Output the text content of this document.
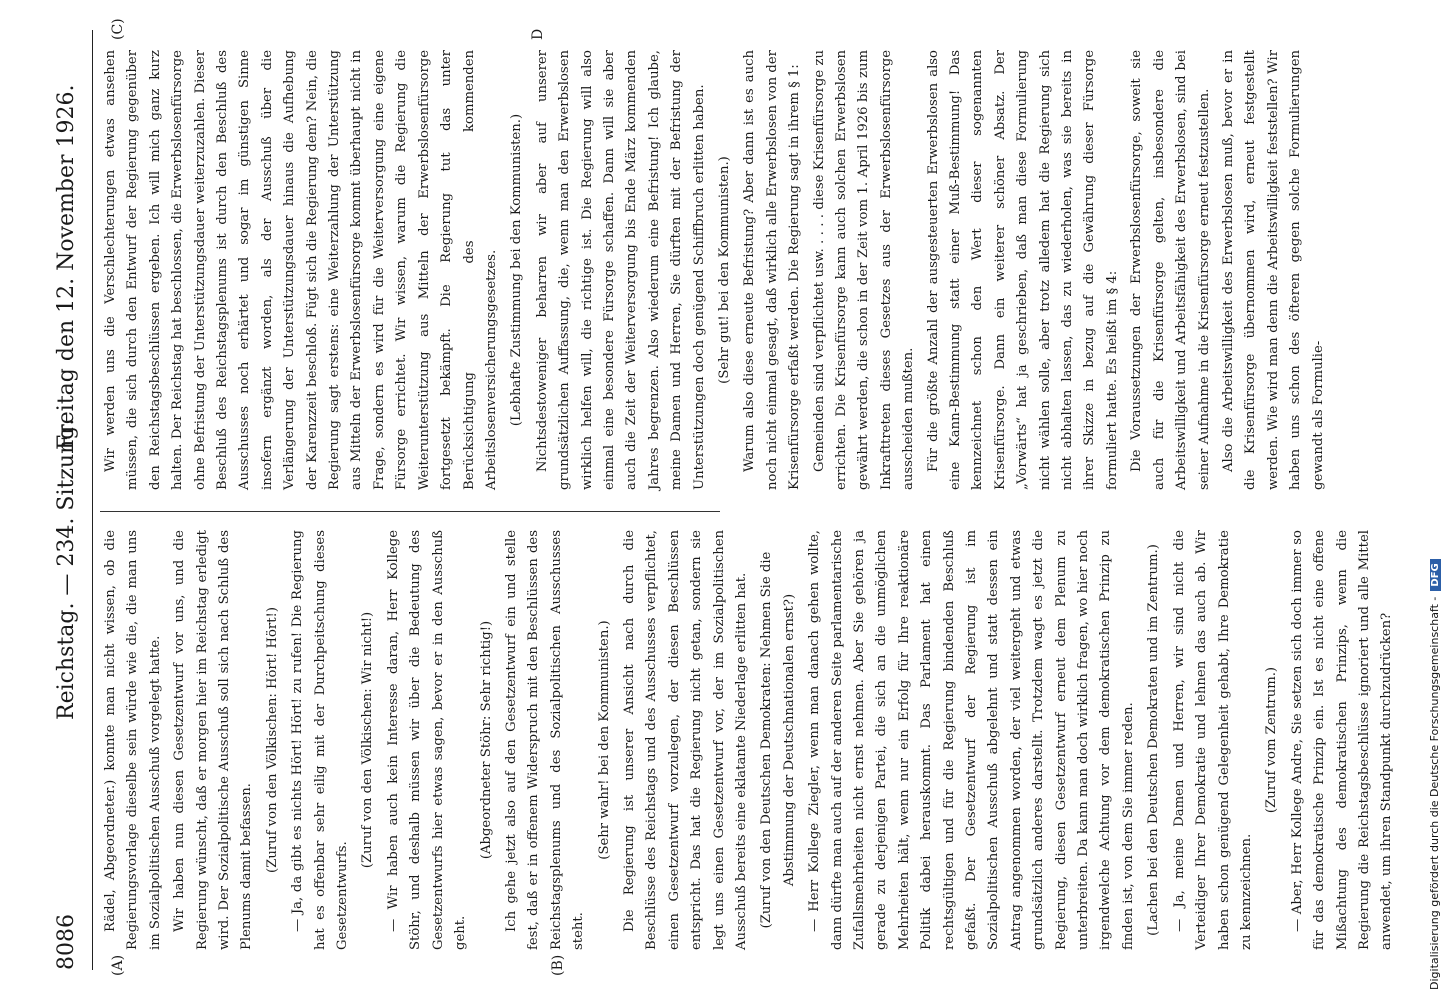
8086
Reichstag. — 234. Sitzung.
Freitag den 12. November 1926.
(A)	(B)
(C)	D

Rädel, Abgeordneter.) konnte man nicht wissen, ob die Regierungsvorlage dieselbe sein würde wie die, die man uns im Sozialpolitischen Ausschuß vorgelegt hatte. Wir haben nun diesen Gesetzentwurf vor uns, und die Regierung wünscht, daß er morgen hier im Reichstag erledigt wird. Der Sozialpolitische Ausschuß soll sich nach Schluß des Plenums damit befassen. (Zuruf von den Völkischen: Hört! Hört!) — Ja, da gibt es nichts Hört! Hört! zu rufen! Die Regierung hat es offenbar sehr eilig mit der Durchpeitschung dieses Gesetzentwurfs.

(Zuruf von den Völkischen: Wir nicht!) — Wir haben auch kein Interesse daran, Herr Kollege Stöhr, und deshalb müssen wir über die Bedeutung des Gesetzentwurfs hier etwas sagen, bevor er in den Ausschuß geht.

(Abgeordneter Stöhr: Sehr richtig!) Ich gehe jetzt also auf den Gesetzentwurf ein und stelle fest, daß er in offenem Widerspruch mit den Beschlüssen des Reichstagsplenums und des Sozialpolitischen Ausschusses steht.

(Sehr wahr! bei den Kommunisten.) Die Regierung ist unserer Ansicht nach durch die Beschlüsse des Reichstags und des Ausschusses verpflichtet, einen Gesetzentwurf vorzulegen, der diesen Beschlüssen entspricht. Das hat die Regierung nicht getan, sondern sie legt uns einen Gesetzentwurf vor, der im Sozialpolitischen Ausschuß bereits eine eklatante Niederlage erlitten hat. (Zuruf von den Deutschen Demokraten: Nehmen Sie die Abstimmung der Deutschnationalen ernst?) — Herr Kollege Ziegler, wenn man danach gehen wollte, dann dürfte man auch auf der anderen Seite parlamentarische Zufallsmehrheiten nicht ernst nehmen. Aber Sie gehören ja gerade zu derjenigen Partei, die sich an die unmöglichen Mehrheiten hält, wenn nur ein Erfolg für Ihre reaktionäre Politik dabei herauskommt. Das Parlament hat einen rechtsgültigen und für die Regierung bindenden Beschluß gefaßt. Der Gesetzentwurf der Regierung ist im Sozialpolitischen Ausschuß abgelehnt und statt dessen ein Antrag angenommen worden, der viel weitergeht und etwas grundsätzlich anderes darstellt. Trotzdem wagt es jetzt die Regierung, diesen Gesetzentwurf erneut dem Plenum zu unterbreiten. Da kann man doch wirklich fragen, wo hier noch irgendwelche Achtung vor dem demokratischen Prinzip zu finden ist, von dem Sie immer reden. (Lachen bei den Deutschen Demokraten und im Zentrum.) — Ja, meine Damen und Herren, wir sind nicht die Verteidiger Ihrer Demokratie und lehnen das auch ab. Wir haben schon genügend Gelegenheit gehabt, Ihre Demokratie zu kennzeichnen.

(Zuruf vom Zentrum.) — Aber, Herr Kollege Andre, Sie setzen sich doch immer so für das demokratische Prinzip ein. Ist es nicht eine offene Mißachtung des demokratischen Prinzips, wenn die Regierung die Reichstagsbeschlüsse ignoriert und alle Mittel anwendet, um ihren Standpunkt durchzudrücken?

Wir werden uns die Verschlechterungen etwas ansehen müssen, die sich durch den Entwurf der Regierung gegenüber den Reichstagsbeschlüssen ergeben. Ich will mich ganz kurz halten. Der Reichstag hat beschlossen, die Erwerbslosenfürsorge ohne Befristung der Unterstützungsdauer weiterzuzahlen. Dieser Beschluß des Reichstagsplenums ist durch den Beschluß des Ausschusses noch erhärtet und sogar im günstigen Sinne insofern ergänzt worden, als der Ausschuß über die Verlängerung der Unterstützungsdauer hinaus die Aufhebung der Karenzzeit beschloß. Fügt sich die Regierung dem? Nein, die Regierung sagt erstens: eine Weiterzahlung der Unterstützung aus Mitteln der Erwerbslosenfürsorge kommt überhaupt nicht in Frage, sondern es wird für die Weiterversorgung eine eigene Fürsorge errichtet. Wir wissen, warum die Regierung die Weiterunterstützung aus Mitteln der Erwerbslosenfürsorge fortgesetzt bekämpft. Die Regierung tut das unter Berücksichtigung des kommenden Arbeitslosenversicherungsgesetzes. (Lebhafte Zustimmung bei den Kommunisten.) Nichtsdestoweniger beharren wir aber auf unserer grundsätzlichen Auffassung, die, wenn man den Erwerbslosen wirklich helfen will, die richtige ist. Die Regierung will also einmal eine besondere Fürsorge schaffen. Dann will sie aber auch die Zeit der Weiterversorgung bis Ende März kommenden Jahres begrenzen. Also wiederum eine Befristung! Ich glaube, meine Damen und Herren, Sie dürften mit der Befristung der Unterstützungen doch genügend Schiffbruch erlitten haben. (Sehr gut! bei den Kommunisten.) Warum also diese erneute Befristung? Aber dann ist es auch noch nicht einmal gesagt, daß wirklich alle Erwerbslosen von der Krisenfürsorge erfaßt werden. Die Regierung sagt in ihrem § 1: Gemeinden sind verpflichtet usw. . . . . diese Krisenfürsorge zu errichten. Die Krisenfürsorge kann auch solchen Erwerbslosen gewährt werden, die schon in der Zeit vom 1. April 1926 bis zum Inkrafttreten dieses Gesetzes aus der Erwerbslosenfürsorge ausscheiden mußten. Für die größte Anzahl der ausgesteuerten Erwerbslosen also eine Kann-Bestimmung statt einer Muß-Bestimmung! Das kennzeichnet schon den Wert dieser sogenannten Krisenfürsorge. Dann ein weiterer schöner Absatz. Der „Vorwärts“ hat ja geschrieben, daß man diese Formulierung nicht wählen solle, aber trotz alledem hat die Regierung sich nicht abhalten lassen, das zu wiederholen, was sie bereits in ihrer Skizze in bezug auf die Gewährung dieser Fürsorge formuliert hatte. Es heißt im § 4: Die Voraussetzungen der Erwerbslosenfürsorge, soweit sie auch für die Krisenfürsorge gelten, insbesondere die Arbeitswilligkeit und Arbeitsfähigkeit des Erwerbslosen, sind bei seiner Aufnahme in die Krisenfürsorge erneut festzustellen. Also die Arbeitswilligkeit des Erwerbslosen muß, bevor er in die Krisenfürsorge übernommen wird, erneut festgestellt werden. Wie wird man denn die Arbeitswilligkeit feststellen? Wir haben uns schon des öfteren gegen solche Formulierungen gewandt als Formulie-

Digitalisierung gefördert durch die Deutsche Forschungsgemeinschaft -DFG
